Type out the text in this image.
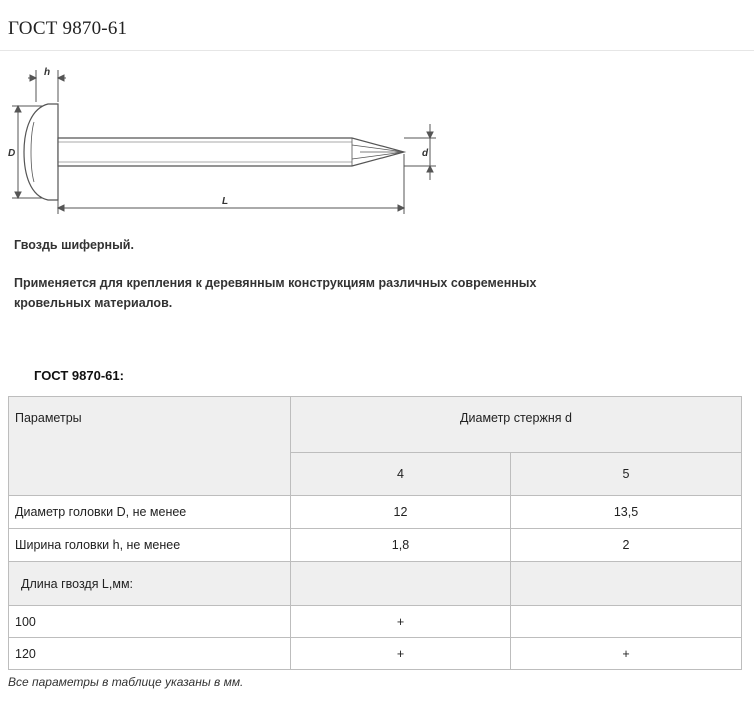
ГОСТ 9870-61
h
D	d
L
Гвоздь шиферный.
Применяется для крепления к деревянным конструкциям различных современных кровельных материалов.
ГОСТ 9870-61:
Параметры	Диаметр стержня d	
	4	5
Диаметр головки D, не менее	12	13,5
Ширина головки h, не менее	1,8	2
Длина гвоздя L,мм:		
100	+	
120	+	+
Все параметры в таблице указаны в мм.
